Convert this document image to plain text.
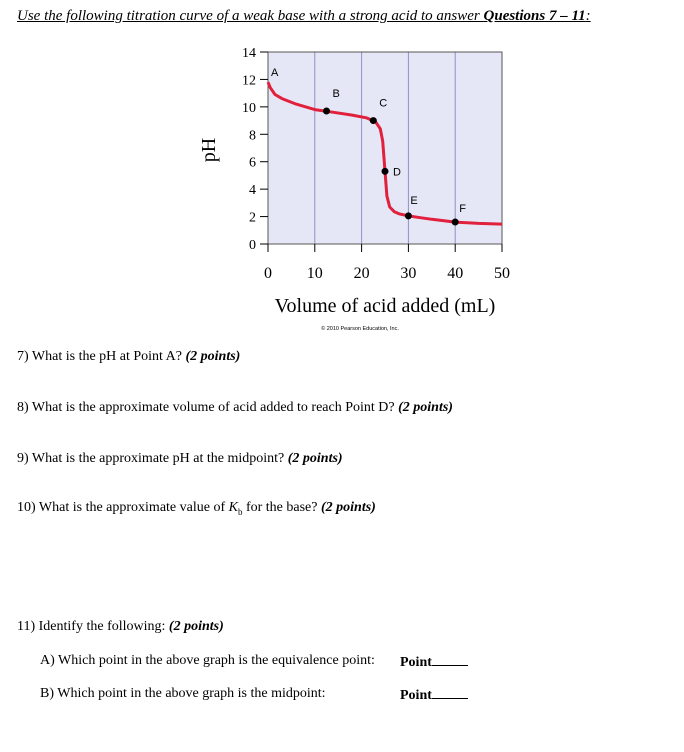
Use the following titration curve of a weak base with a strong acid to answer Questions 7 – 11:
0
2
4
6
8
10
12
14
0 10 20 30 40 50
A
B
C
D
E
F
pH
Volume of acid added (mL)
© 2010 Pearson Education, Inc.
7) What is the pH at Point A? (2 points)
8) What is the approximate volume of acid added to reach Point D? (2 points)
9) What is the approximate pH at the midpoint? (2 points)
10) What is the approximate value of $K_b$ for the base? (2 points)
11) Identify the following: (2 points)
A) Which point in the above graph is the equivalence point: Point
B) Which point in the above graph is the midpoint:	Point
